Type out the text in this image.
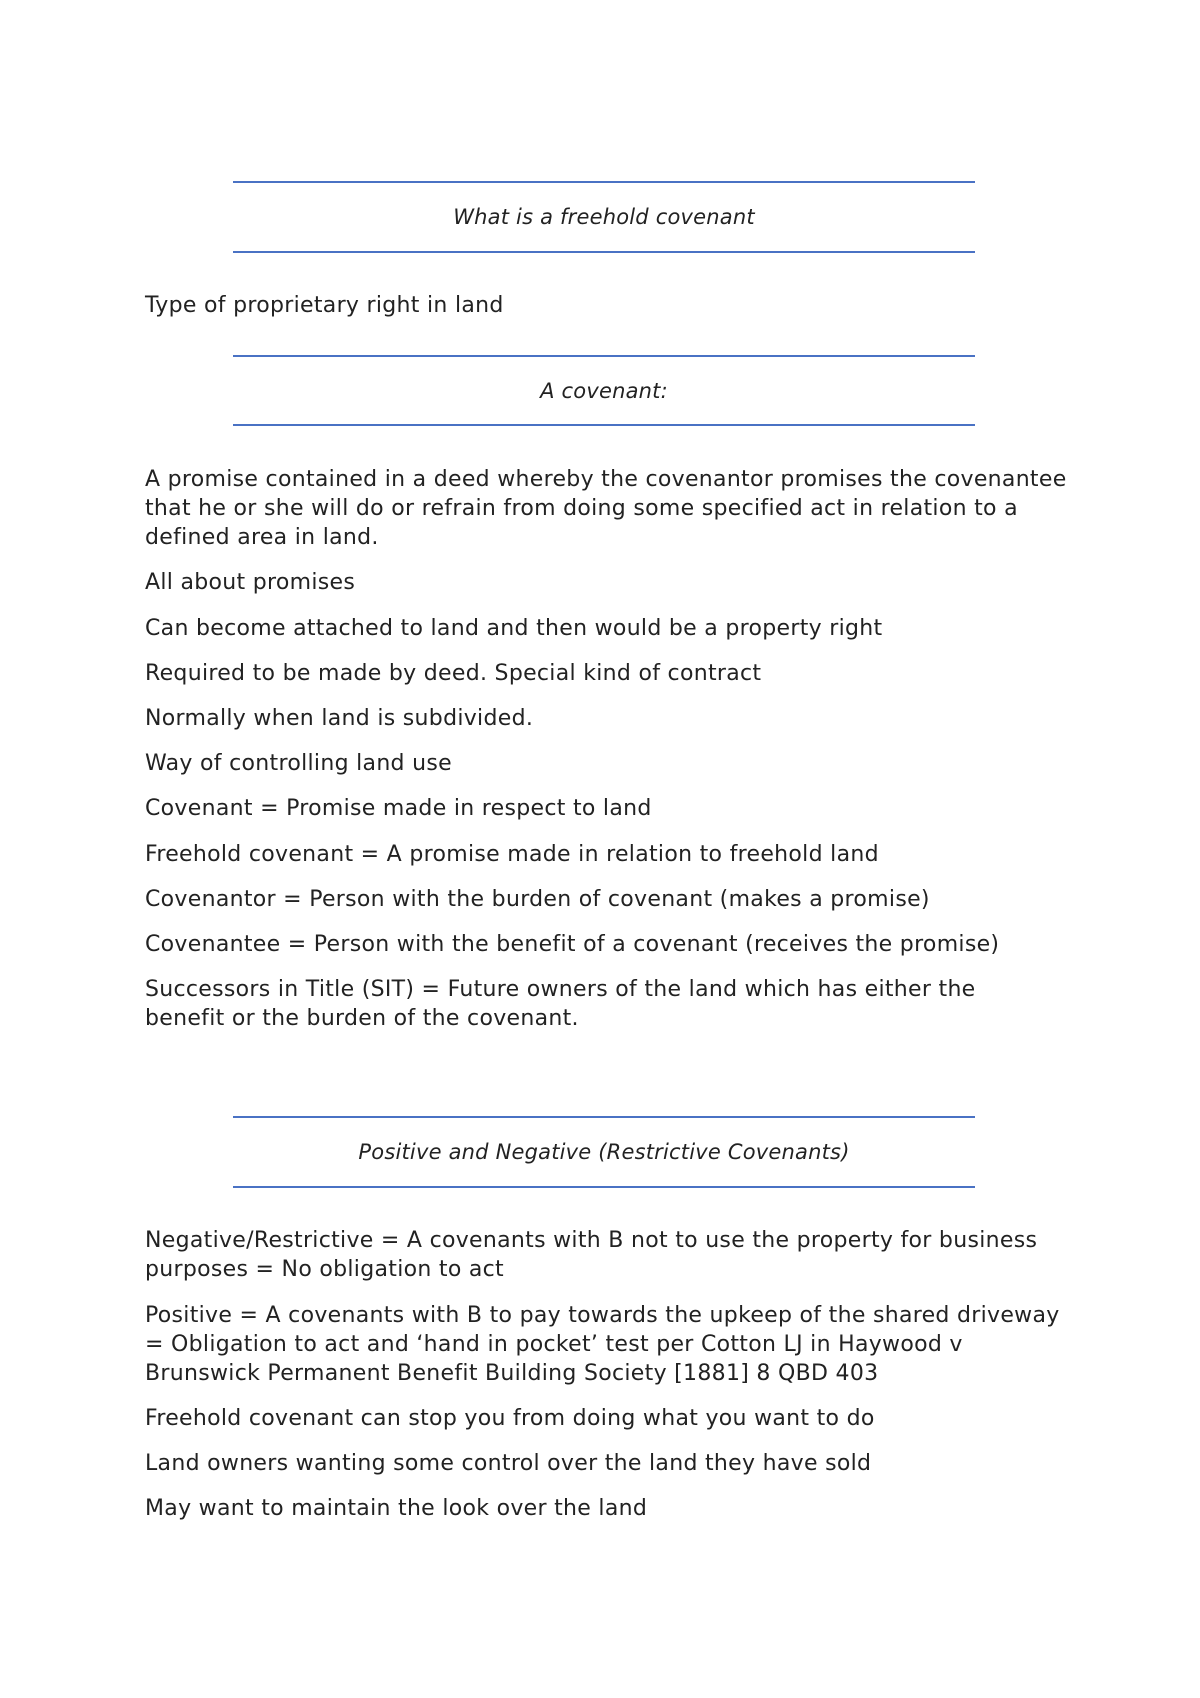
What is a freehold covenant

Type of proprietary right in land

A covenant:

A promise contained in a deed whereby the covenantor promises the covenantee that he or she will do or refrain from doing some specified act in relation to a defined area in land.

All about promises

Can become attached to land and then would be a property right

Required to be made by deed. Special kind of contract

Normally when land is subdivided.

Way of controlling land use

Covenant = Promise made in respect to land

Freehold covenant = A promise made in relation to freehold land

Covenantor = Person with the burden of covenant (makes a promise)

Covenantee = Person with the benefit of a covenant (receives the promise)

Successors in Title (SIT) = Future owners of the land which has either the benefit or the burden of the covenant.

Positive and Negative (Restrictive Covenants)

Negative/Restrictive = A covenants with B not to use the property for business purposes = No obligation to act

Positive = A covenants with B to pay towards the upkeep of the shared driveway = Obligation to act and ‘hand in pocket’ test per Cotton LJ in Haywood v Brunswick Permanent Benefit Building Society [1881] 8 QBD 403

Freehold covenant can stop you from doing what you want to do

Land owners wanting some control over the land they have sold

May want to maintain the look over the land
